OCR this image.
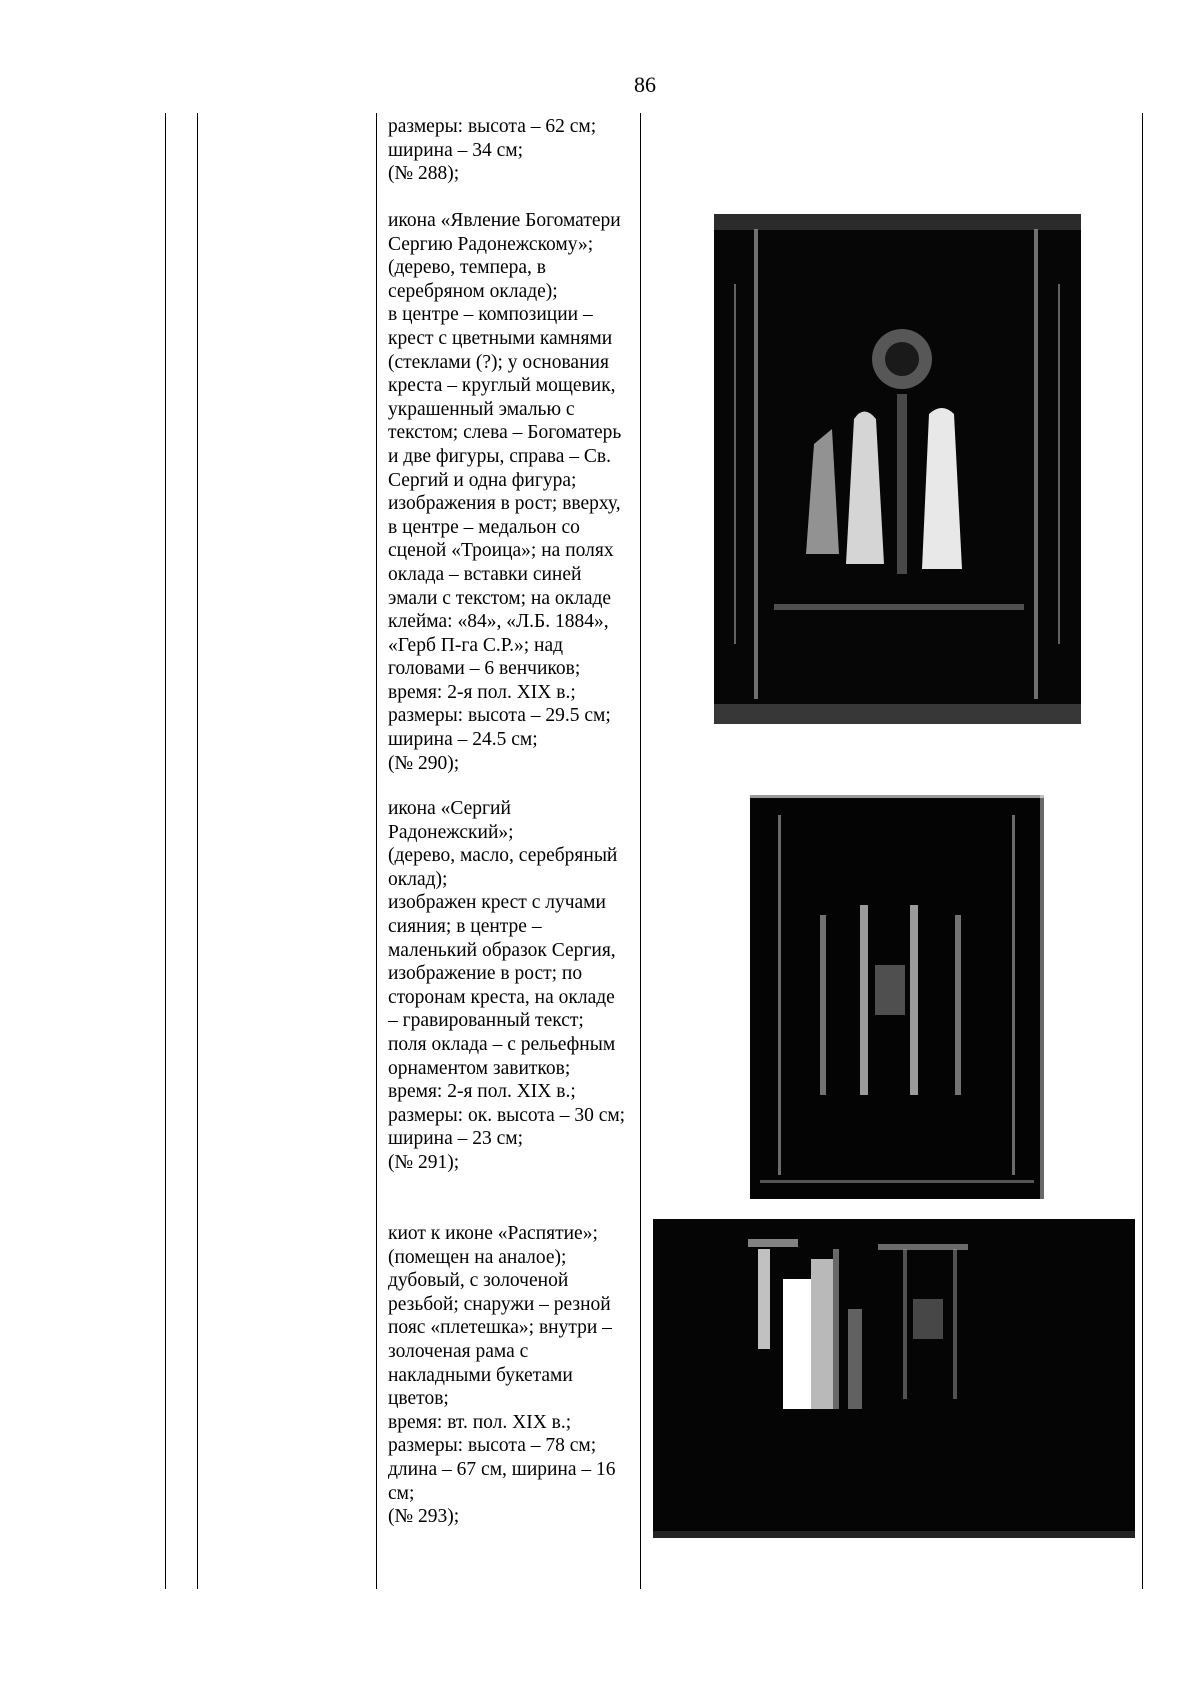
86
размеры: высота – 62 см;
ширина – 34 см;
(№ 288);
икона «Явление Богоматери
Сергию Радонежскому»;
(дерево, темпера, в
серебряном окладе);
в центре – композиции –
крест с цветными камнями
(стеклами (?); у основания
креста – круглый мощевик,
украшенный эмалью с
текстом; слева – Богоматерь
и две фигуры, справа – Св.
Сергий и одна фигура;
изображения в рост; вверху,
в центре – медальон со
сценой «Троица»; на полях
оклада – вставки синей
эмали с текстом; на окладе
клейма: «84», «Л.Б. 1884»,
«Герб П-га С.Р.»; над
головами – 6 венчиков;
время: 2-я пол. XIX в.;
размеры: высота – 29.5 см;
ширина – 24.5 см;
(№ 290);
икона «Сергий
Радонежский»;
(дерево, масло, серебряный
оклад);
изображен крест с лучами
сияния; в центре –
маленький образок Сергия,
изображение в рост; по
сторонам креста, на окладе
– гравированный текст;
поля оклада – с рельефным
орнаментом завитков;
время: 2-я пол. XIX в.;
размеры: ок. высота – 30 см;
ширина – 23 см;
(№ 291);
киот к иконе «Распятие»;
(помещен на аналое);
дубовый, с золоченой
резьбой; снаружи – резной
пояс «плетешка»; внутри –
золоченая рама с
накладными букетами
цветов;
время: вт. пол. XIX в.;
размеры: высота – 78 см;
длина – 67 см, ширина – 16
см;
(№ 293);
